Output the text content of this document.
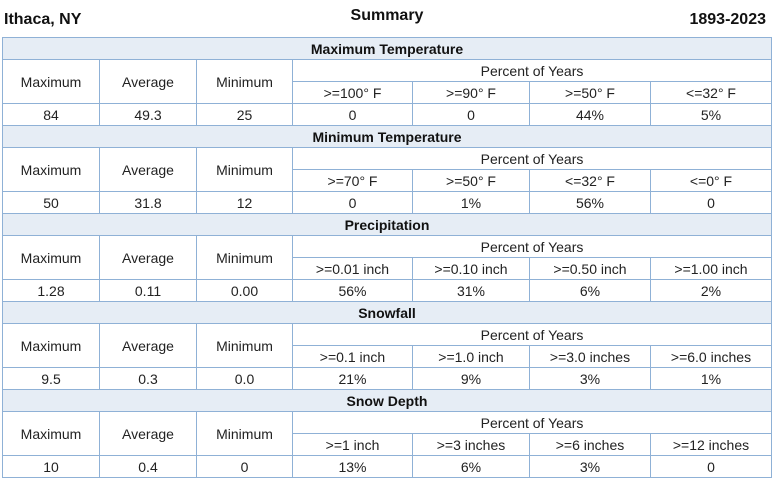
Ithaca, NY	Summary	1893-2023
Maximum Temperature						
Maximum	Average	Minimum	Percent of Years			
			>=100° F	>=90° F	>=50° F	<=32° F
84	49.3	25	0	0	44%	5%
Minimum Temperature						
Maximum	Average	Minimum	Percent of Years			
			>=70° F	>=50° F	<=32° F	<=0° F
50	31.8	12	0	1%	56%	0
Precipitation						
Maximum	Average	Minimum	Percent of Years			
			>=0.01 inch	>=0.10 inch	>=0.50 inch	>=1.00 inch
1.28	0.11	0.00	56%	31%	6%	2%
Snowfall						
Maximum	Average	Minimum	Percent of Years			
			>=0.1 inch	>=1.0 inch	>=3.0 inches	>=6.0 inches
9.5	0.3	0.0	21%	9%	3%	1%
Snow Depth						
Maximum	Average	Minimum	Percent of Years			
			>=1 inch	>=3 inches	>=6 inches	>=12 inches
10	0.4	0	13%	6%	3%	0
